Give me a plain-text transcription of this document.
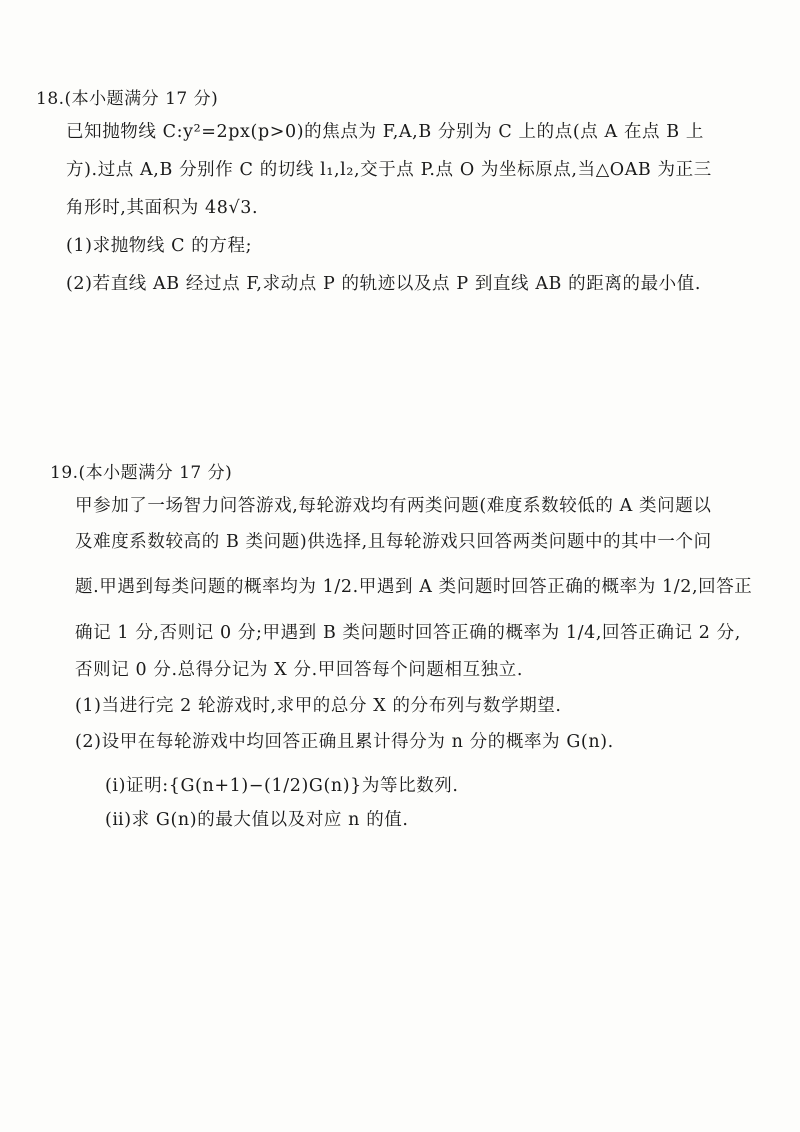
18.(本小题满分 17 分)
已知抛物线 C:y²=2px(p>0)的焦点为 F,A,B 分别为 C 上的点(点 A 在点 B 上
方).过点 A,B 分别作 C 的切线 l₁,l₂,交于点 P.点 O 为坐标原点,当△OAB 为正三
角形时,其面积为 48√3.
(1)求抛物线 C 的方程;
(2)若直线 AB 经过点 F,求动点 P 的轨迹以及点 P 到直线 AB 的距离的最小值.
19.(本小题满分 17 分)
甲参加了一场智力问答游戏,每轮游戏均有两类问题(难度系数较低的 A 类问题以
及难度系数较高的 B 类问题)供选择,且每轮游戏只回答两类问题中的其中一个问
题.甲遇到每类问题的概率均为 1/2.甲遇到 A 类问题时回答正确的概率为 1/2,回答正
确记 1 分,否则记 0 分;甲遇到 B 类问题时回答正确的概率为 1/4,回答正确记 2 分,
否则记 0 分.总得分记为 X 分.甲回答每个问题相互独立.
(1)当进行完 2 轮游戏时,求甲的总分 X 的分布列与数学期望.
(2)设甲在每轮游戏中均回答正确且累计得分为 n 分的概率为 G(n).
(ⅰ)证明:{G(n+1)−(1/2)G(n)}为等比数列.
(ⅱ)求 G(n)的最大值以及对应 n 的值.
